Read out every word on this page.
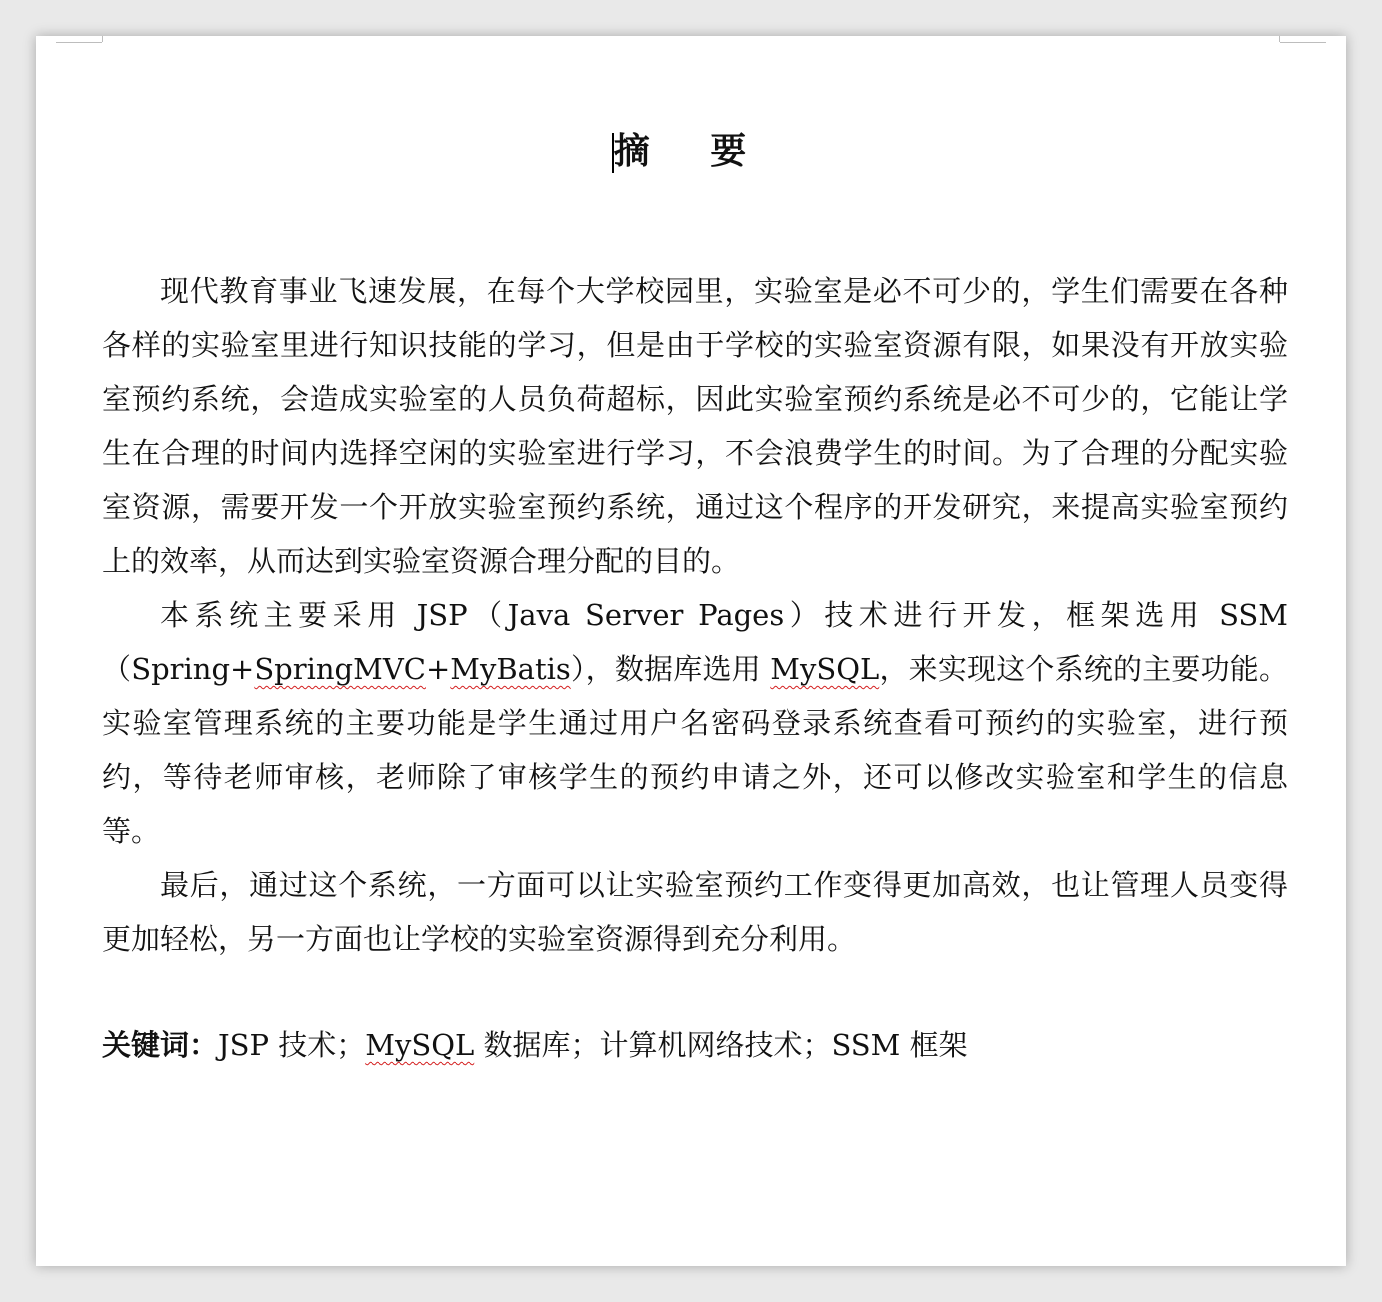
摘 要

现代教育事业飞速发展，在每个大学校园里，实验室是必不可少的，学生们需要在各种各样的实验室里进行知识技能的学习，但是由于学校的实验室资源有限，如果没有开放实验室预约系统，会造成实验室的人员负荷超标，因此实验室预约系统是必不可少的，它能让学生在合理的时间内选择空闲的实验室进行学习，不会浪费学生的时间。为了合理的分配实验室资源，需要开发一个开放实验室预约系统，通过这个程序的开发研究，来提高实验室预约上的效率，从而达到实验室资源合理分配的目的。

本系统主要采用 JSP（Java Server Pages）技术进行开发，框架选用 SSM（Spring+SpringMVC+MyBatis），数据库选用 MySQL，来实现这个系统的主要功能。实验室管理系统的主要功能是学生通过用户名密码登录系统查看可预约的实验室，进行预约，等待老师审核，老师除了审核学生的预约申请之外，还可以修改实验室和学生的信息等。

最后，通过这个系统，一方面可以让实验室预约工作变得更加高效，也让管理人员变得更加轻松，另一方面也让学校的实验室资源得到充分利用。

关键词：JSP 技术；MySQL 数据库；计算机网络技术；SSM 框架
